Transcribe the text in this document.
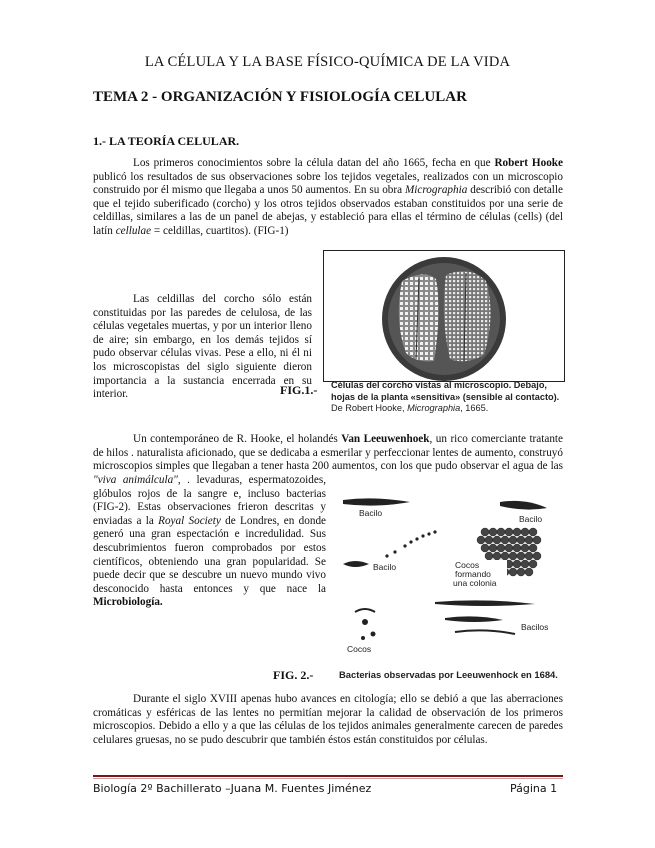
LA CÉLULA Y LA BASE FÍSICO-QUÍMICA DE LA VIDA
TEMA 2 - ORGANIZACIÓN Y FISIOLOGÍA CELULAR
1.- LA TEORÍA CELULAR.
Los primeros conocimientos sobre la célula datan del año 1665, fecha en que Robert Hooke publicó los resultados de sus observaciones sobre los tejidos vegetales, realizados con un microscopio construido por él mismo que llegaba a unos 50 aumentos. En su obra Micrographia describió con detalle que el tejido suberificado (corcho) y los otros tejidos observados estaban constituidos por una serie de celdillas, similares a las de un panel de abejas, y estableció para ellas el término de células (cells) (del latín cellulae = celdillas, cuartitos). (FIG-1)
Las celdillas del corcho sólo están constituidas por las paredes de celulosa, de las células vegetales muertas, y por un interior lleno de aire; sin embargo, en los demás tejidos sí pudo observar células vivas. Pese a ello, ni él ni los microscopistas del siglo siguiente dieron importancia a la sustancia encerrada en su interior.	FIG.1.- Células del corcho vistas al microscopio. Debajo, hojas de la planta «sensitiva» (sensible al contacto). De Robert Hooke, Micrographia, 1665.
Un contemporáneo de R. Hooke, el holandés Van Leeuwenhoek, un rico comerciante tratante de hilos . naturalista aficionado, que se dedicaba a esmerilar y perfeccionar lentes de aumento, construyó microscopios simples que llegaban a tener hasta 200 aumentos, con los que pudo observar el agua de las
"viva animálcula", . levaduras, espermatozoides, glóbulos rojos de la sangre e, incluso bacterias (FIG-2). Estas observaciones frieron descritas y enviadas a la Royal Society de Londres, en donde generó una gran espectación e incredulidad. Sus descubrimientos fueron comprobados por estos científicos, obteniendo una gran popularidad. Se puede decir que se descubre un nuevo mundo vivo desconocido hasta entonces y que nace la Microbiología.
Bacilo
Bacilo
Cocos
formando
una colonia
Bacilo
Bacilos
Cocos
FIG. 2.-	Bacterias observadas por Leeuwenhock en 1684.
Durante el siglo XVIII apenas hubo avances en citología; ello se debió a que las aberraciones cromáticas y esféricas de las lentes no permitían mejorar la calidad de observación de los primeros microscopios. Debido a ello y a que las células de los tejidos animales generalmente carecen de paredes celulares gruesas, no se pudo descubrir que también éstos están constituidos por células.
Biología 2º Bachillerato –Juana M. Fuentes Jiménez	Página 1
